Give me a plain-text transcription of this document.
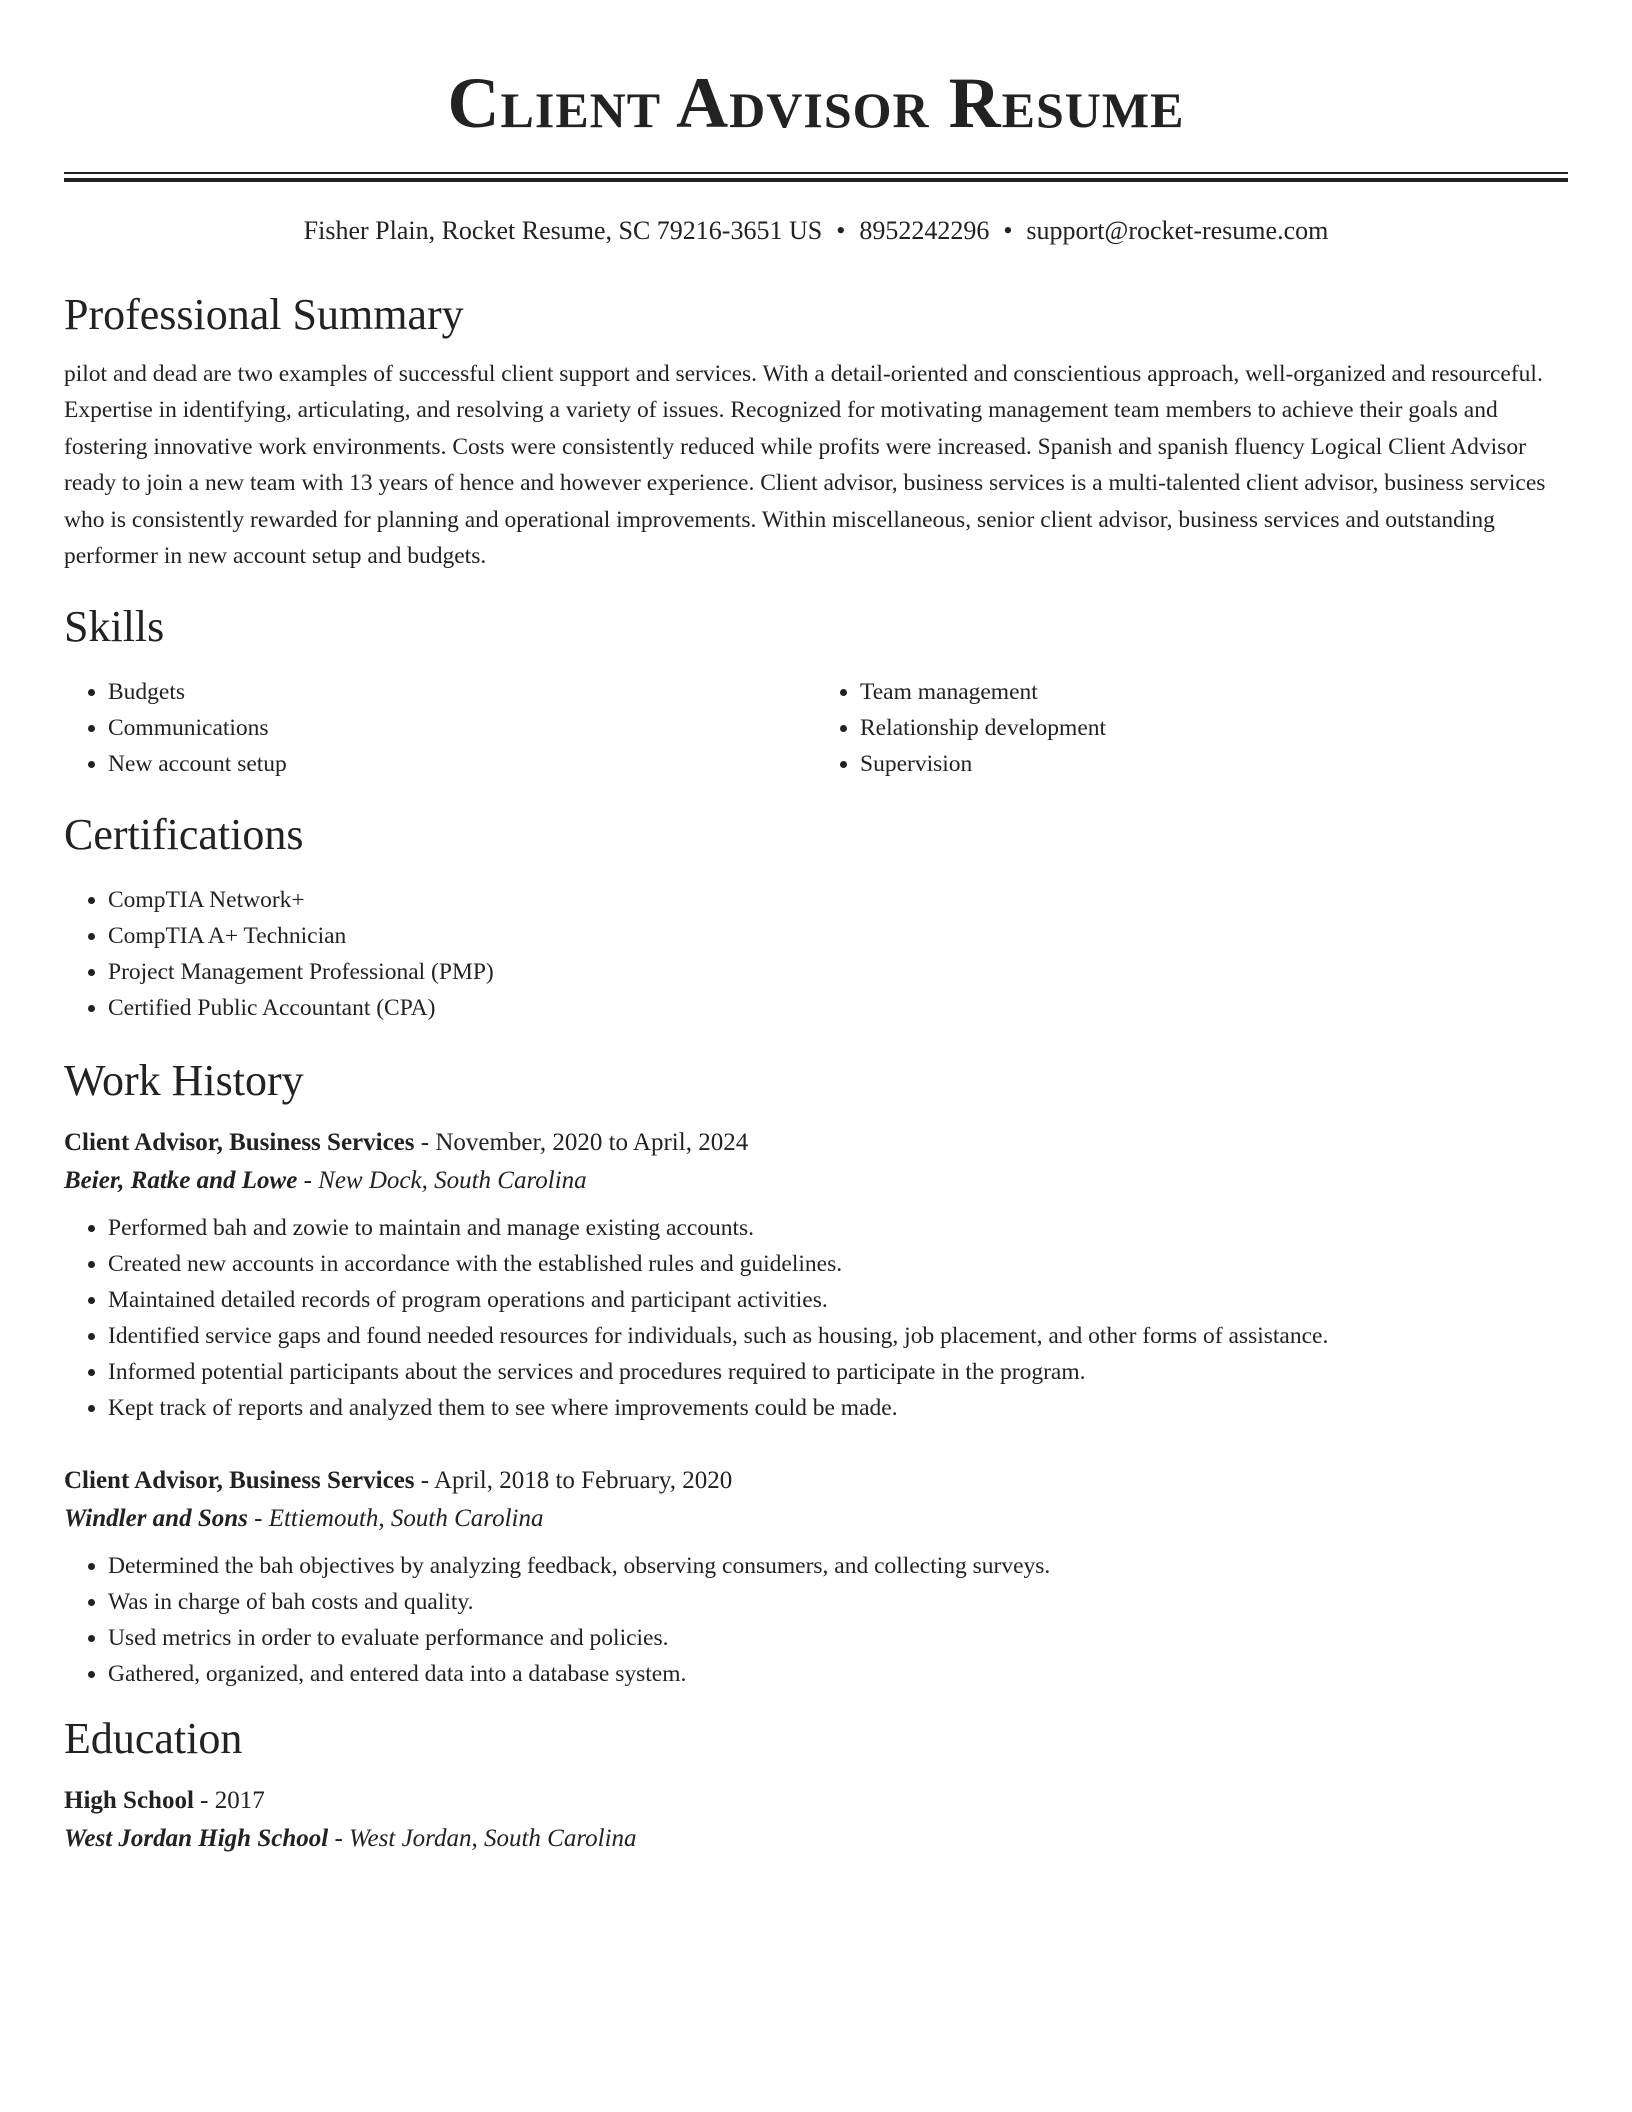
Client Advisor Resume
Fisher Plain, Rocket Resume, SC 79216-3651 US • 8952242296 • support@rocket-resume.com
Professional Summary
pilot and dead are two examples of successful client support and services. With a detail-oriented and conscientious approach, well-organized and resourceful. Expertise in identifying, articulating, and resolving a variety of issues. Recognized for motivating management team members to achieve their goals and fostering innovative work environments. Costs were consistently reduced while profits were increased. Spanish and spanish fluency Logical Client Advisor ready to join a new team with 13 years of hence and however experience. Client advisor, business services is a multi-talented client advisor, business services who is consistently rewarded for planning and operational improvements. Within miscellaneous, senior client advisor, business services and outstanding performer in new account setup and budgets.
Skills
• Budgets
• Communications
• New account setup
• Team management
• Relationship development
• Supervision
Certifications
• CompTIA Network+
• CompTIA A+ Technician
• Project Management Professional (PMP)
• Certified Public Accountant (CPA)
Work History
Client Advisor, Business Services - November, 2020 to April, 2024
Beier, Ratke and Lowe - New Dock, South Carolina
• Performed bah and zowie to maintain and manage existing accounts.
• Created new accounts in accordance with the established rules and guidelines.
• Maintained detailed records of program operations and participant activities.
• Identified service gaps and found needed resources for individuals, such as housing, job placement, and other forms of assistance.
• Informed potential participants about the services and procedures required to participate in the program.
• Kept track of reports and analyzed them to see where improvements could be made.
Client Advisor, Business Services - April, 2018 to February, 2020
Windler and Sons - Ettiemouth, South Carolina
• Determined the bah objectives by analyzing feedback, observing consumers, and collecting surveys.
• Was in charge of bah costs and quality.
• Used metrics in order to evaluate performance and policies.
• Gathered, organized, and entered data into a database system.
Education
High School - 2017
West Jordan High School - West Jordan, South Carolina
